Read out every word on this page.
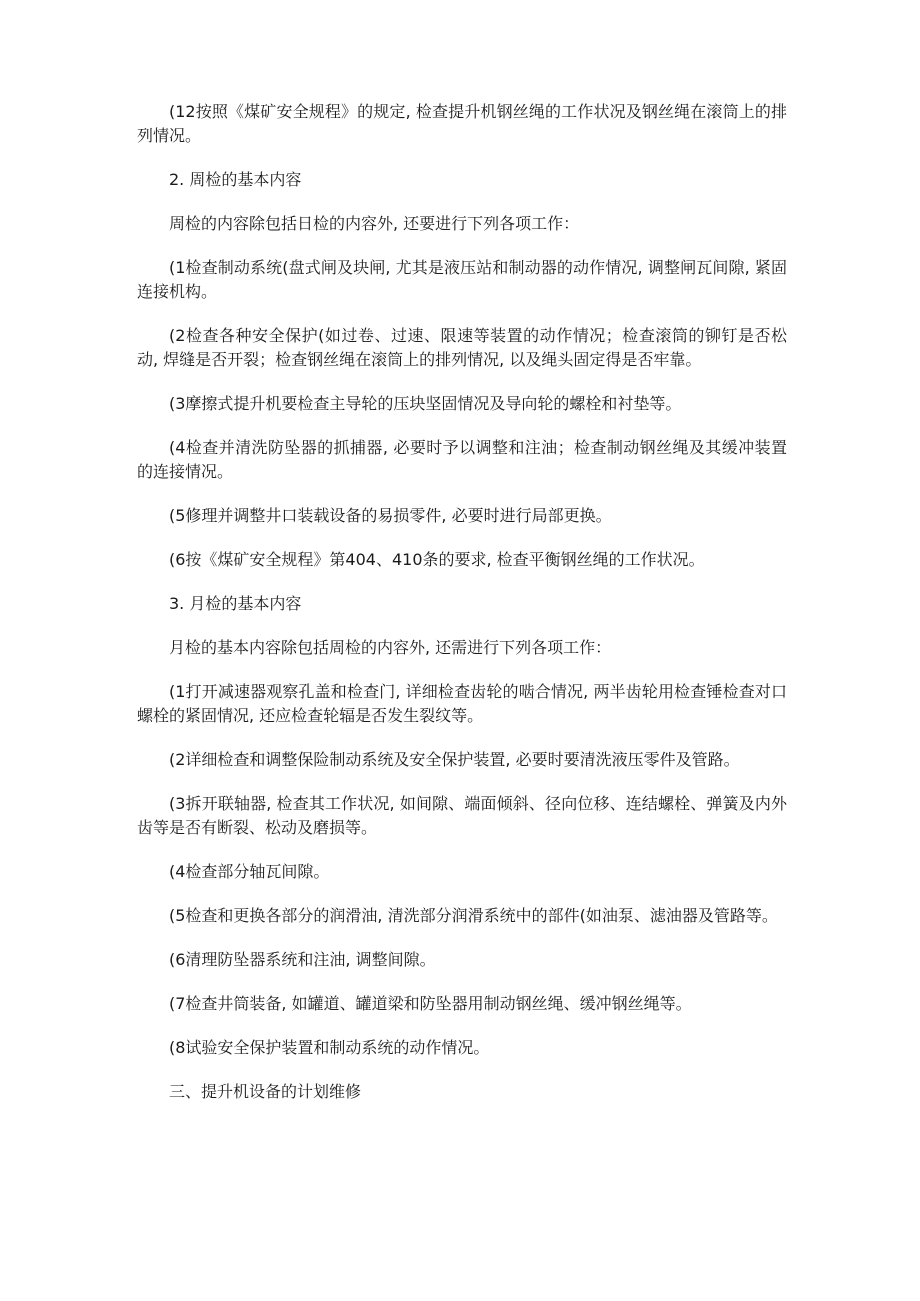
(12按照《煤矿安全规程》的规定, 检查提升机钢丝绳的工作状况及钢丝绳在滚筒上的排列情况。

2. 周检的基本内容

周检的内容除包括日检的内容外, 还要进行下列各项工作：

(1检查制动系统(盘式闸及块闸, 尤其是液压站和制动器的动作情况, 调整闸瓦间隙, 紧固连接机构。

(2检查各种安全保护(如过卷、过速、限速等装置的动作情况；检查滚筒的铆钉是否松动, 焊缝是否开裂；检查钢丝绳在滚筒上的排列情况, 以及绳头固定得是否牢靠。

(3摩擦式提升机要检查主导轮的压块坚固情况及导向轮的螺栓和衬垫等。

(4检查并清洗防坠器的抓捕器, 必要时予以调整和注油；检查制动钢丝绳及其缓冲装置的连接情况。

(5修理并调整井口装载设备的易损零件, 必要时进行局部更换。

(6按《煤矿安全规程》第404、410条的要求, 检查平衡钢丝绳的工作状况。

3. 月检的基本内容

月检的基本内容除包括周检的内容外, 还需进行下列各项工作：

(1打开减速器观察孔盖和检查门, 详细检查齿轮的啮合情况, 两半齿轮用检查锤检查对口螺栓的紧固情况, 还应检查轮辐是否发生裂纹等。

(2详细检查和调整保险制动系统及安全保护装置, 必要时要清洗液压零件及管路。

(3拆开联轴器, 检查其工作状况, 如间隙、端面倾斜、径向位移、连结螺栓、弹簧及内外齿等是否有断裂、松动及磨损等。

(4检查部分轴瓦间隙。

(5检查和更换各部分的润滑油, 清洗部分润滑系统中的部件(如油泵、滤油器及管路等。

(6清理防坠器系统和注油, 调整间隙。

(7检查井筒装备, 如罐道、罐道梁和防坠器用制动钢丝绳、缓冲钢丝绳等。

(8试验安全保护装置和制动系统的动作情况。

三、提升机设备的计划维修
